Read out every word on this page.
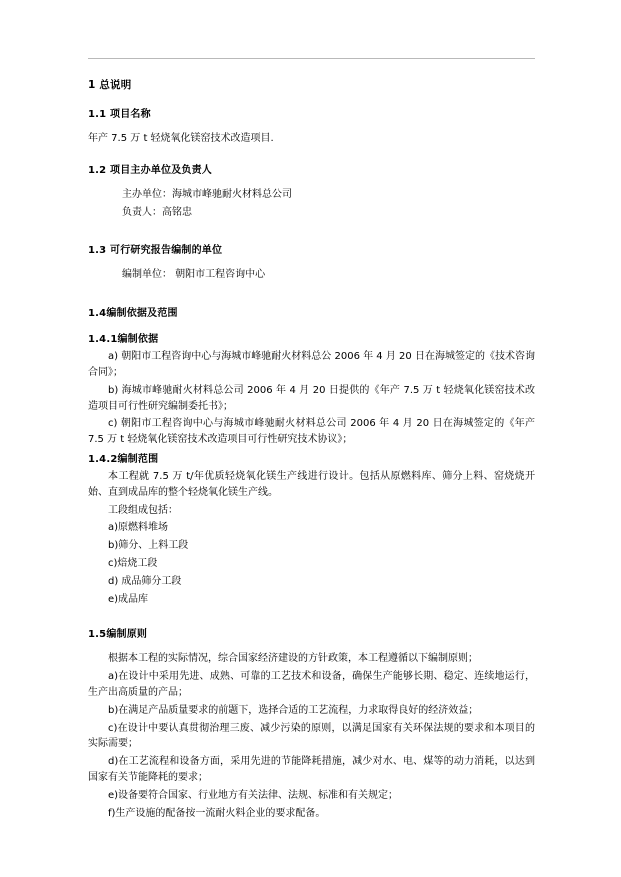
1 总说明
1.1 项目名称
年产 7.5 万 t 轻烧氧化镁窑技术改造项目.
1.2 项目主办单位及负责人
主办单位：海城市峰驰耐火材料总公司
负责人：高铭忠
1.3 可行研究报告编制的单位
编制单位： 朝阳市工程咨询中心
1.4编制依据及范围
1.4.1编制依据
a) 朝阳市工程咨询中心与海城市峰驰耐火材料总公 2006 年 4 月 20 日在海城签定的《技术咨询合同》；
b) 海城市峰驰耐火材料总公司 2006 年 4 月 20 日提供的《年产 7.5 万 t 轻烧氧化镁窑技术改造项目可行性研究编制委托书》；
c) 朝阳市工程咨询中心与海城市峰驰耐火材料总公司 2006 年 4 月 20 日在海城签定的《年产 7.5 万 t 轻烧氧化镁窑技术改造项目可行性研究技术协议》；
1.4.2编制范围
本工程就 7.5 万 t/年优质轻烧氧化镁生产线进行设计。包括从原燃料库、筛分上料、窑烧烧开始、直到成品库的整个轻烧氧化镁生产线。
工段组成包括：
a)原燃料堆场
b)筛分、上料工段
c)焙烧工段
d) 成品筛分工段
e)成品库
1.5编制原则
根据本工程的实际情况，综合国家经济建设的方针政策，本工程遵循以下编制原则；
a)在设计中采用先进、成熟、可靠的工艺技术和设备，确保生产能够长期、稳定、连续地运行，生产出高质量的产品；
b)在满足产品质量要求的前题下，选择合适的工艺流程，力求取得良好的经济效益；
c)在设计中要认真贯彻治理三废、减少污染的原则，以满足国家有关环保法规的要求和本项目的实际需要；
d)在工艺流程和设备方面，采用先进的节能降耗措施，减少对水、电、煤等的动力消耗，以达到国家有关节能降耗的要求；
e)设备要符合国家、行业地方有关法律、法规、标准和有关规定；
f)生产设施的配备按一流耐火料企业的要求配备。
